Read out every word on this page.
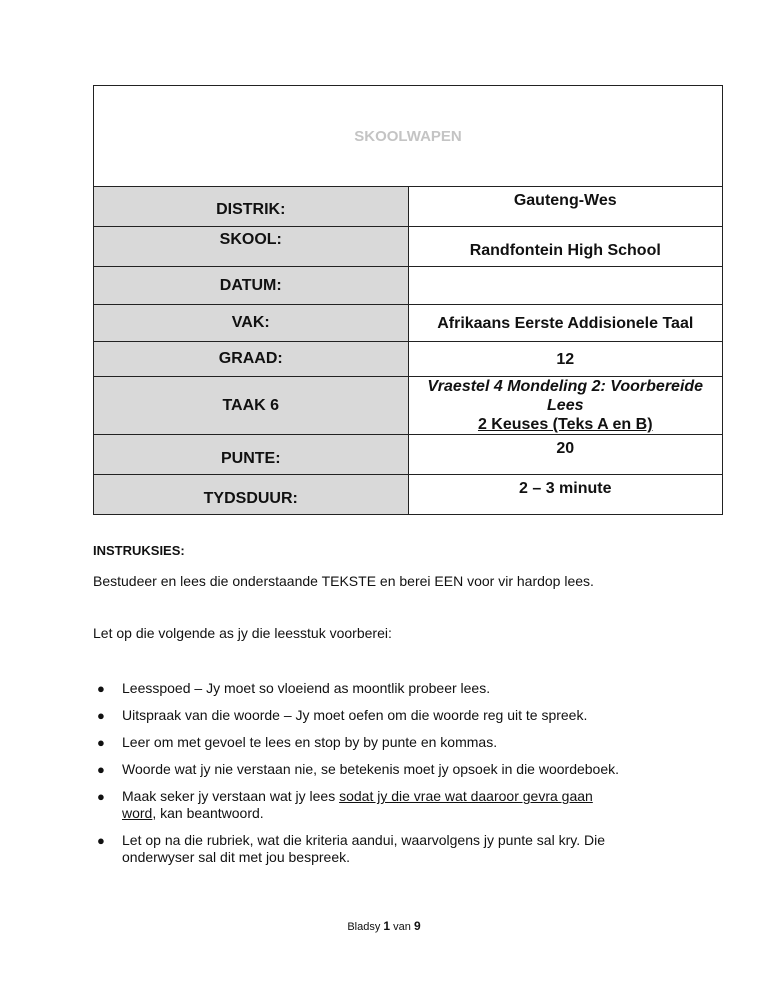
SKOOLWAPEN	
DISTRIK:	Gauteng-Wes
SKOOL:	Randfontein High School
DATUM:	
VAK:	Afrikaans Eerste Addisionele Taal
GRAAD:	12
TAAK 6	Vraestel 4 Mondeling 2: Voorbereide Lees
2 Keuses (Teks A en B)

PUNTE:	20
TYDSDUUR:	2 – 3 minute
INSTRUKSIES:
Bestudeer en lees die onderstaande TEKSTE en berei EEN voor vir hardop lees.
Let op die volgende as jy die leesstuk voorberei:
● Leesspoed – Jy moet so vloeiend as moontlik probeer lees.
● Uitspraak van die woorde – Jy moet oefen om die woorde reg uit te spreek.
● Leer om met gevoel te lees en stop by by punte en kommas.
● Woorde wat jy nie verstaan nie, se betekenis moet jy opsoek in die woordeboek.
● Maak seker jy verstaan wat jy lees sodat jy die vrae wat daaroor gevra gaan
word, kan beantwoord.
● Let op na die rubriek, wat die kriteria aandui, waarvolgens jy punte sal kry. Die
onderwyser sal dit met jou bespreek.
Bladsy 1 van 9
